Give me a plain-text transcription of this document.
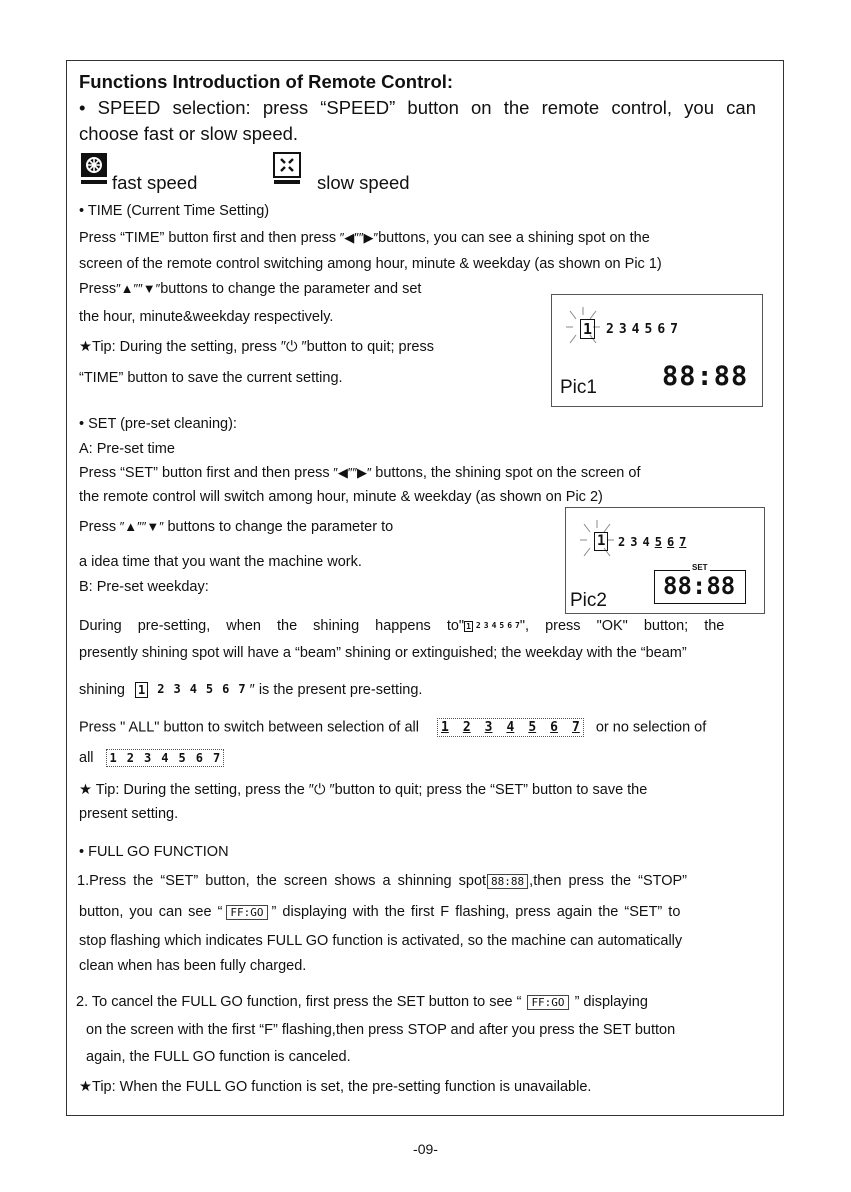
Functions Introduction of Remote Control:
• SPEED selection: press “SPEED” button on the remote control, you can
choose fast or slow speed.
fast speed	slow speed
• TIME (Current Time Setting)
Press “TIME” button first and then press ″◀″″▶″buttons, you can see a shining spot on the
screen of the remote control switching among hour, minute & weekday (as shown on Pic 1)
Press″▲″″▼″buttons to change the parameter and set
the hour, minute&weekday respectively.
★Tip: During the setting, press ″⏻ ″button to quit; press
“TIME” button to save the current setting.
1 2 3 4 5 6 7
88:88
Pic1
• SET (pre-set cleaning):
A: Pre-set time
Press “SET” button first and then press ″◀″″▶″ buttons, the shining spot on the screen of
the remote control will switch among hour, minute & weekday (as shown on Pic 2)
Press ″▲″″▼″ buttons to change the parameter to
a idea time that you want the machine work.
B: Pre-set weekday:
1 2 3 4 5 6 7
SET
88:88
Pic2
During pre-setting, when the shining happens to" 1 2 3 4 5 6 7 ", press "OK" button; the
presently shining spot will have a “beam” shining or extinguished; the weekday with the “beam”
shining 1 2 3 4 5 6 7 ″ is the present pre-setting.
Press " ALL" button to switch between selection of all 1 2 3 4 5 6 7 or no selection of
all 1 2 3 4 5 6 7
★ Tip: During the setting, press the ″⏻ ″button to quit; press the “SET” button to save the
present setting.
• FULL GO FUNCTION
1.Press the “SET” button, the screen shows a shinning spot 88:88 ,then press the “STOP”
button, you can see “ FF:GO ” displaying with the first F flashing, press again the “SET” to
stop flashing which indicates FULL GO function is activated, so the machine can automatically
clean when has been fully charged.
2. To cancel the FULL GO function, first press the SET button to see “ FF:GO ” displaying
on the screen with the first “F” flashing,then press STOP and after you press the SET button
again, the FULL GO function is canceled.
★Tip: When the FULL GO function is set, the pre-setting function is unavailable.
-09-
